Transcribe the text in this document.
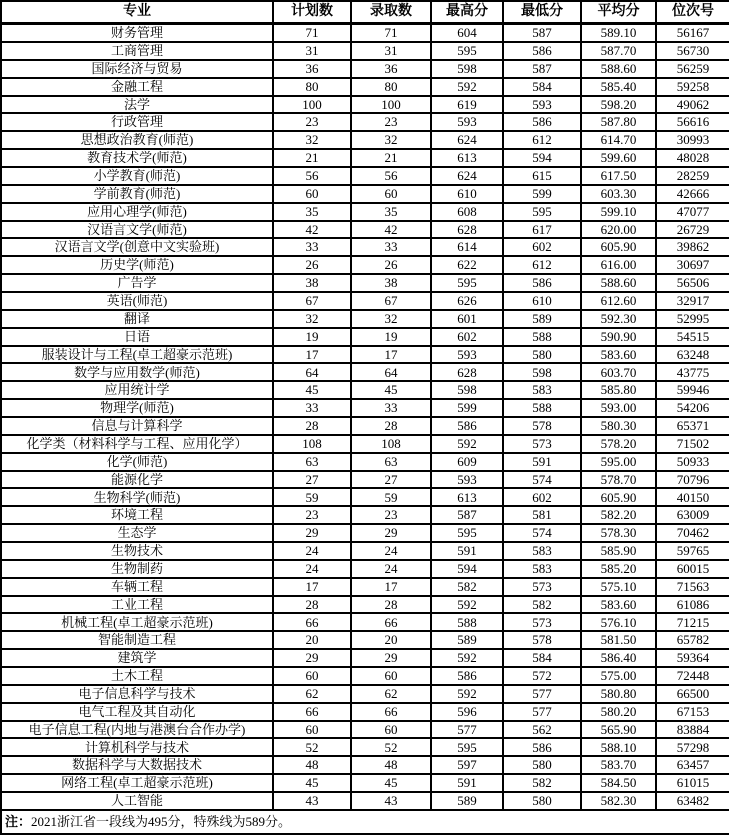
专业	计划数	录取数	最高分	最低分	平均分	位次号
财务管理	71	71	604	587	589.10	56167
工商管理	31	31	595	586	587.70	56730
国际经济与贸易	36	36	598	587	588.60	56259
金融工程	80	80	592	584	585.40	59258
法学	100	100	619	593	598.20	49062
行政管理	23	23	593	586	587.80	56616
思想政治教育(师范)	32	32	624	612	614.70	30993
教育技术学(师范)	21	21	613	594	599.60	48028
小学教育(师范)	56	56	624	615	617.50	28259
学前教育(师范)	60	60	610	599	603.30	42666
应用心理学(师范)	35	35	608	595	599.10	47077
汉语言文学(师范)	42	42	628	617	620.00	26729
汉语言文学(创意中文实验班)	33	33	614	602	605.90	39862
历史学(师范)	26	26	622	612	616.00	30697
广告学	38	38	595	586	588.60	56506
英语(师范)	67	67	626	610	612.60	32917
翻译	32	32	601	589	592.30	52995
日语	19	19	602	588	590.90	54515
服装设计与工程(卓工超豪示范班)	17	17	593	580	583.60	63248
数学与应用数学(师范)	64	64	628	598	603.70	43775
应用统计学	45	45	598	583	585.80	59946
物理学(师范)	33	33	599	588	593.00	54206
信息与计算科学	28	28	586	578	580.30	65371
化学类（材料科学与工程、应用化学）	108	108	592	573	578.20	71502
化学(师范)	63	63	609	591	595.00	50933
能源化学	27	27	593	574	578.70	70796
生物科学(师范)	59	59	613	602	605.90	40150
环境工程	23	23	587	581	582.20	63009
生态学	29	29	595	574	578.30	70462
生物技术	24	24	591	583	585.90	59765
生物制药	24	24	594	583	585.20	60015
车辆工程	17	17	582	573	575.10	71563
工业工程	28	28	592	582	583.60	61086
机械工程(卓工超豪示范班)	66	66	588	573	576.10	71215
智能制造工程	20	20	589	578	581.50	65782
建筑学	29	29	592	584	586.40	59364
土木工程	60	60	586	572	575.00	72448
电子信息科学与技术	62	62	592	577	580.80	66500
电气工程及其自动化	66	66	596	577	580.20	67153
电子信息工程(内地与港澳台合作办学)	60	60	577	562	565.90	83884
计算机科学与技术	52	52	595	586	588.10	57298
数据科学与大数据技术	48	48	597	580	583.70	63457
网络工程(卓工超豪示范班)	45	45	591	582	584.50	61015
人工智能	43	43	589	580	582.30	63482
注：2021浙江省一段线为495分，特殊线为589分。						
